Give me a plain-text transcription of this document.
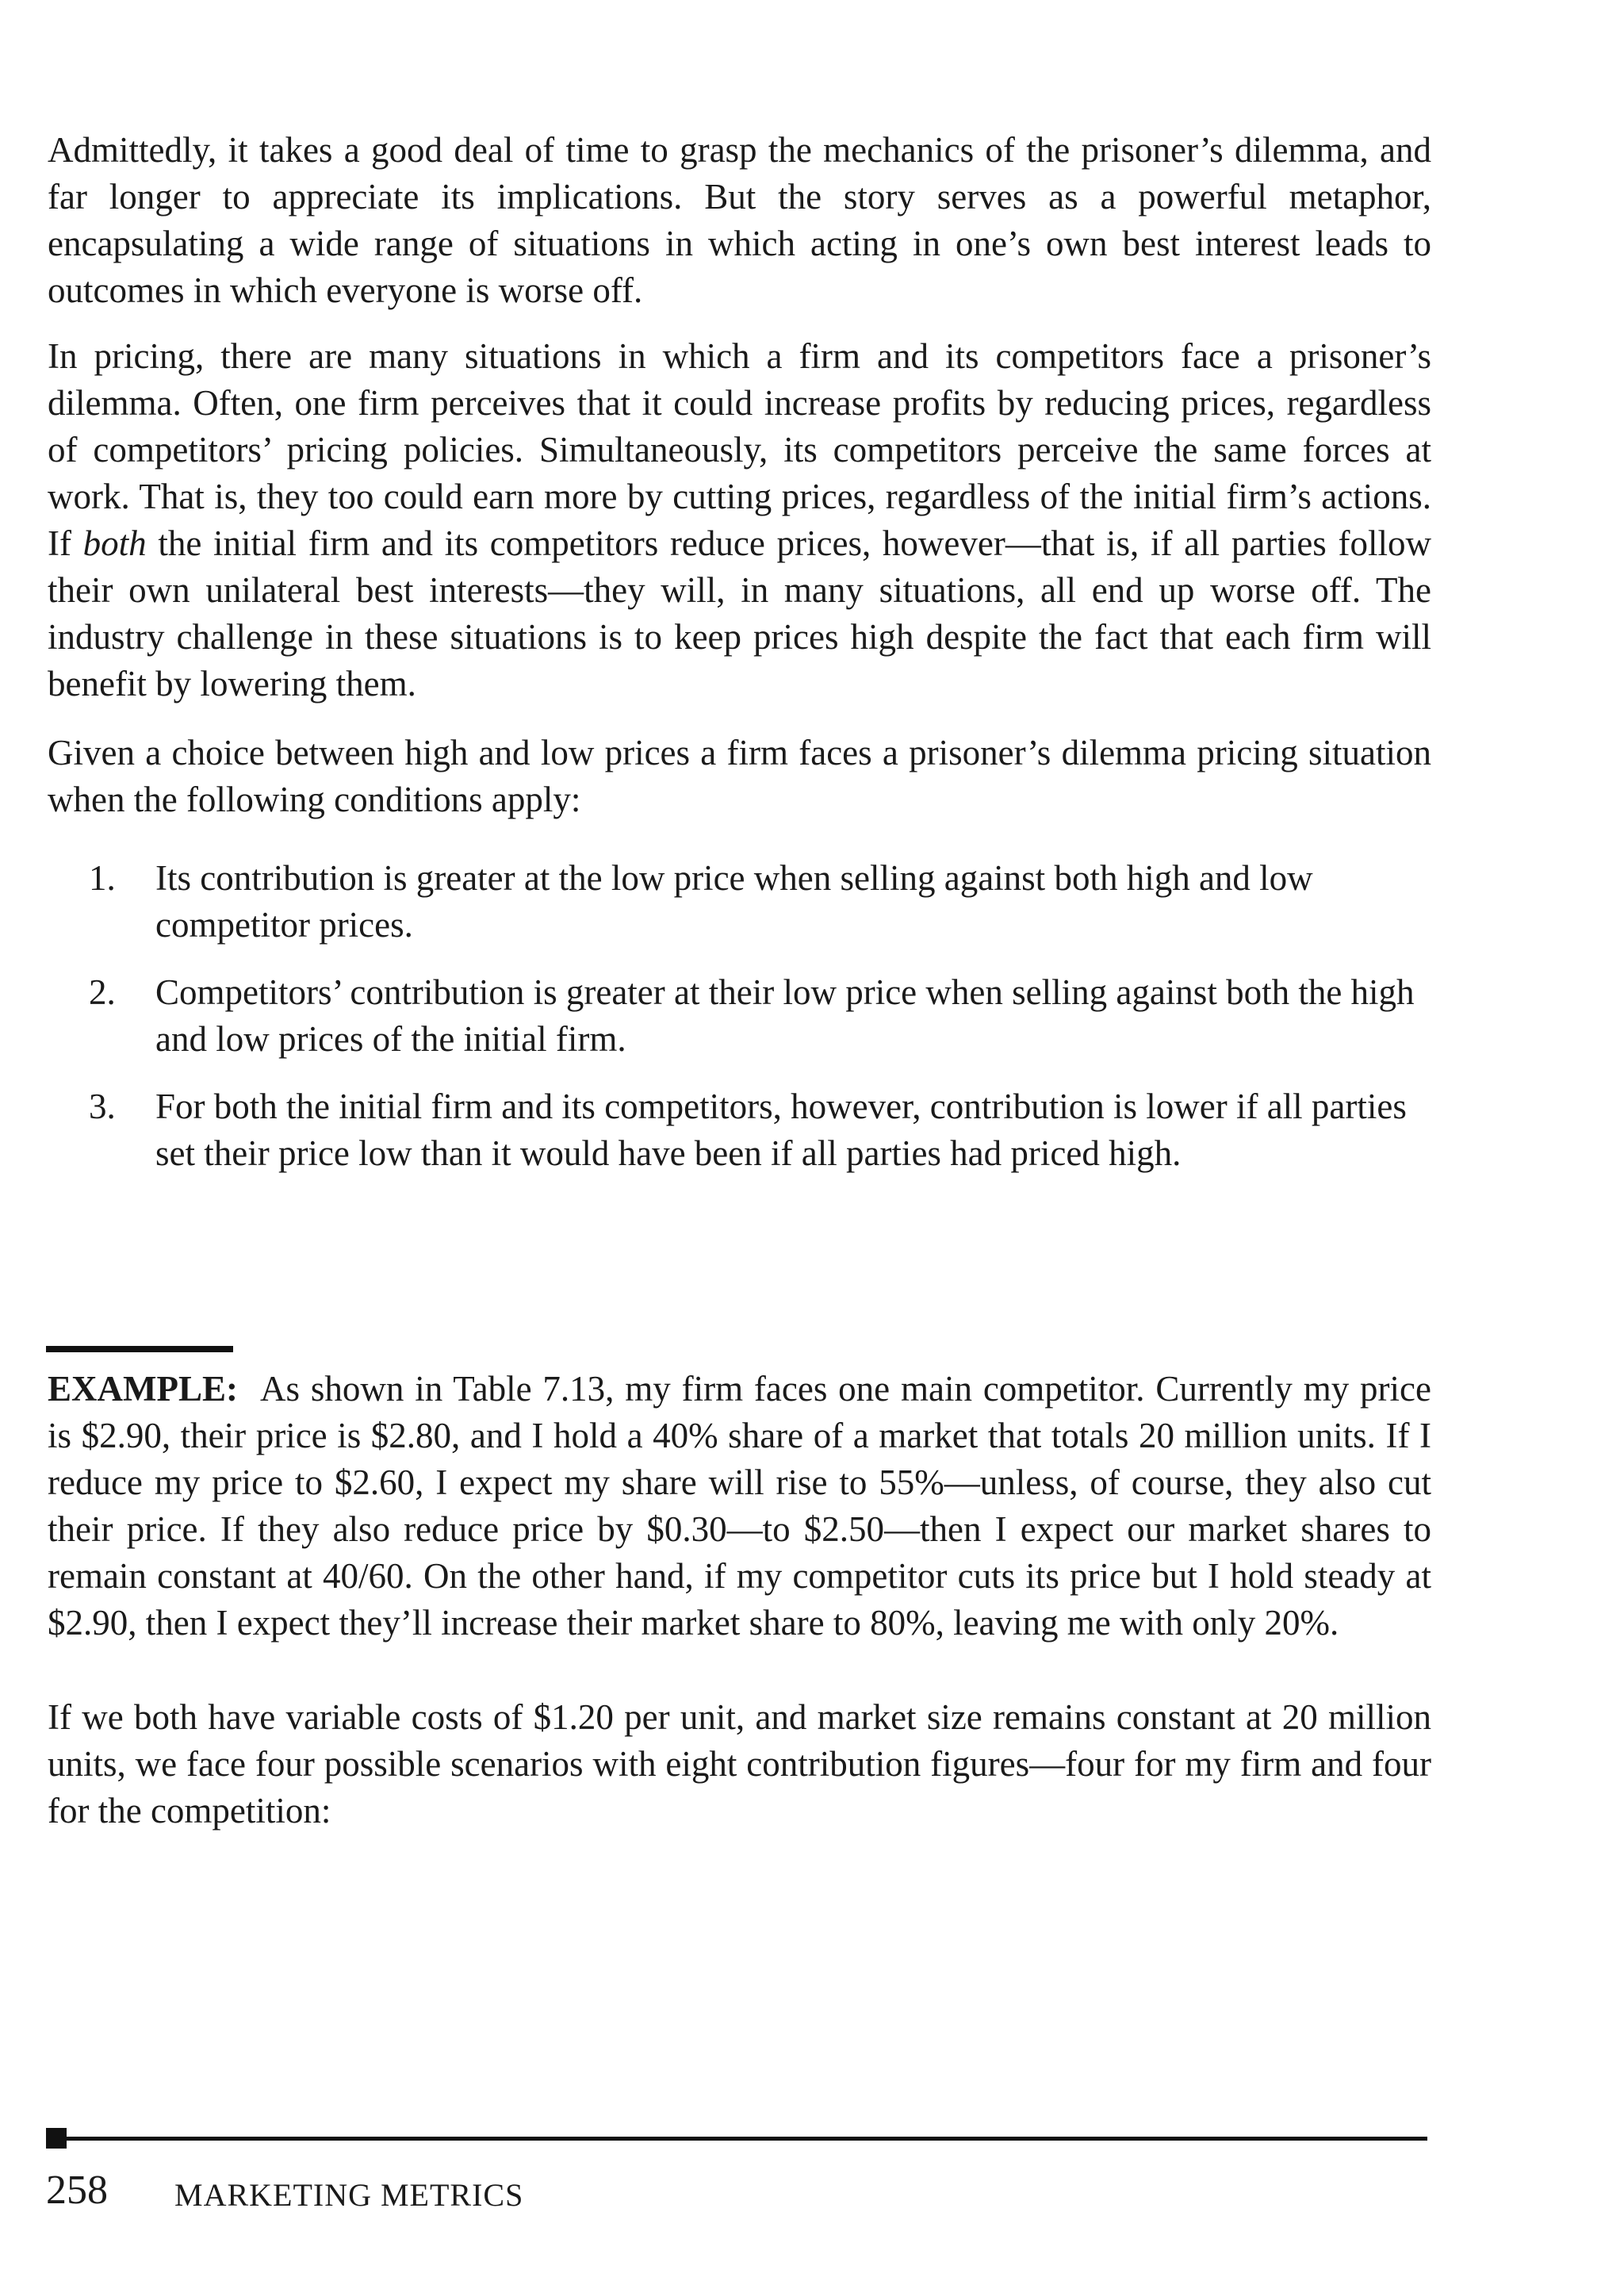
Admittedly, it takes a good deal of time to grasp the mechanics of the prisoner’s dilemma, and far longer to appreciate its implications. But the story serves as a powerful metaphor, encapsulating a wide range of situations in which acting in one’s own best interest leads to outcomes in which everyone is worse off.

In pricing, there are many situations in which a firm and its competitors face a prisoner’s dilemma. Often, one firm perceives that it could increase profits by reducing prices, regardless of competitors’ pricing policies. Simultaneously, its competitors perceive the same forces at work. That is, they too could earn more by cutting prices, regardless of the initial firm’s actions. If both the initial firm and its competitors reduce prices, however—that is, if all parties follow their own unilateral best interests—they will, in many situations, all end up worse off. The industry challenge in these situations is to keep prices high despite the fact that each firm will benefit by lowering them.

Given a choice between high and low prices a firm faces a prisoner’s dilemma pricing situation when the following conditions apply:

1.	Its contribution is greater at the low price when selling against both high and low competitor prices.
2.	Competitors’ contribution is greater at their low price when selling against both the high and low prices of the initial firm.
3.	For both the initial firm and its competitors, however, contribution is lower if all parties set their price low than it would have been if all parties had priced high.

EXAMPLE: As shown in Table 7.13, my firm faces one main competitor. Currently my price is $2.90, their price is $2.80, and I hold a 40% share of a market that totals 20 million units. If I reduce my price to $2.60, I expect my share will rise to 55%—unless, of course, they also cut their price. If they also reduce price by $0.30—to $2.50—then I expect our market shares to remain constant at 40/60. On the other hand, if my competitor cuts its price but I hold steady at $2.90, then I expect they’ll increase their market share to 80%, leaving me with only 20%.

If we both have variable costs of $1.20 per unit, and market size remains constant at 20 million units, we face four possible scenarios with eight contribution figures—four for my firm and four for the competition:

258 MARKETING METRICS
